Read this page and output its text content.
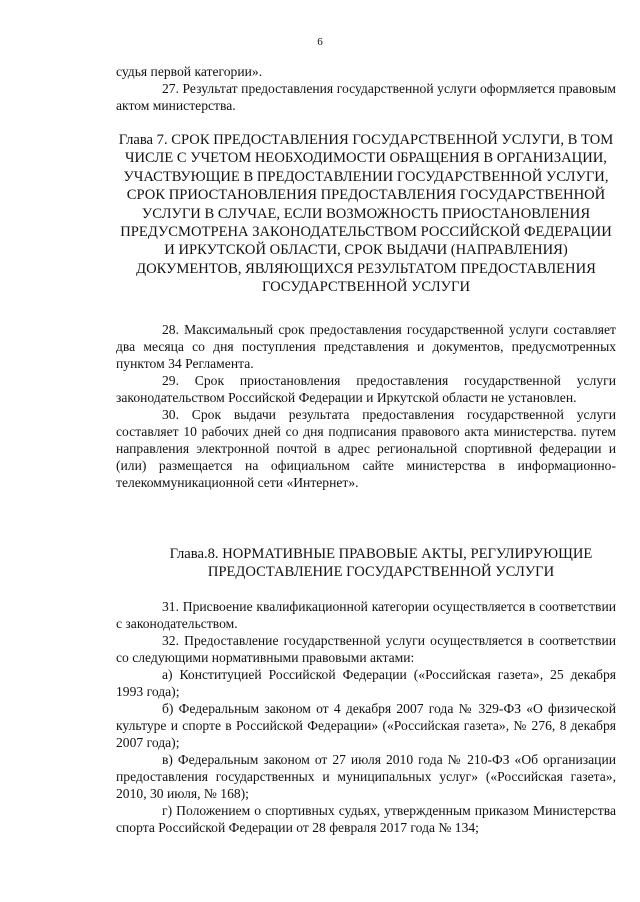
6

судья первой категории».

27. Результат предоставления государственной услуги оформляется правовым актом министерства.

Глава 7. СРОК ПРЕДОСТАВЛЕНИЯ ГОСУДАРСТВЕННОЙ УСЛУГИ, В ТОМ ЧИСЛЕ С УЧЕТОМ НЕОБХОДИМОСТИ ОБРАЩЕНИЯ В ОРГАНИЗАЦИИ, УЧАСТВУЮЩИЕ В ПРЕДОСТАВЛЕНИИ ГОСУДАРСТВЕННОЙ УСЛУГИ, СРОК ПРИОСТАНОВЛЕНИЯ ПРЕДОСТАВЛЕНИЯ ГОСУДАРСТВЕННОЙ УСЛУГИ В СЛУЧАЕ, ЕСЛИ ВОЗМОЖНОСТЬ ПРИОСТАНОВЛЕНИЯ ПРЕДУСМОТРЕНА ЗАКОНОДАТЕЛЬСТВОМ РОССИЙСКОЙ ФЕДЕРАЦИИ И ИРКУТСКОЙ ОБЛАСТИ, СРОК ВЫДАЧИ (НАПРАВЛЕНИЯ) ДОКУМЕНТОВ, ЯВЛЯЮЩИХСЯ РЕЗУЛЬТАТОМ ПРЕДОСТАВЛЕНИЯ ГОСУДАРСТВЕННОЙ УСЛУГИ

28. Максимальный срок предоставления государственной услуги составляет два месяца со дня поступления представления и документов, предусмотренных пунктом 34 Регламента.

29. Срок приостановления предоставления государственной услуги законодательством Российской Федерации и Иркутской области не установлен.

30. Срок выдачи результата предоставления государственной услуги составляет 10 рабочих дней со дня подписания правового акта министерства. путем направления электронной почтой в адрес региональной спортивной федерации и (или) размещается на официальном сайте министерства в информационно-телекоммуникационной сети «Интернет».

Глава.8. НОРМАТИВНЫЕ ПРАВОВЫЕ АКТЫ, РЕГУЛИРУЮЩИЕ ПРЕДОСТАВЛЕНИЕ ГОСУДАРСТВЕННОЙ УСЛУГИ

31. Присвоение квалификационной категории осуществляется в соответствии с законодательством.

32. Предоставление государственной услуги осуществляется в соответствии со следующими нормативными правовыми актами:

а) Конституцией Российской Федерации («Российская газета», 25 декабря 1993 года);

б) Федеральным законом от 4 декабря 2007 года № 329-ФЗ «О физической культуре и спорте в Российской Федерации» («Российская газета», № 276, 8 декабря 2007 года);

в) Федеральным законом от 27 июля 2010 года № 210-ФЗ «Об организации предоставления государственных и муниципальных услуг» («Российская газета», 2010, 30 июля, № 168);

г) Положением о спортивных судьях, утвержденным приказом Министерства спорта Российской Федерации от 28 февраля 2017 года № 134;
